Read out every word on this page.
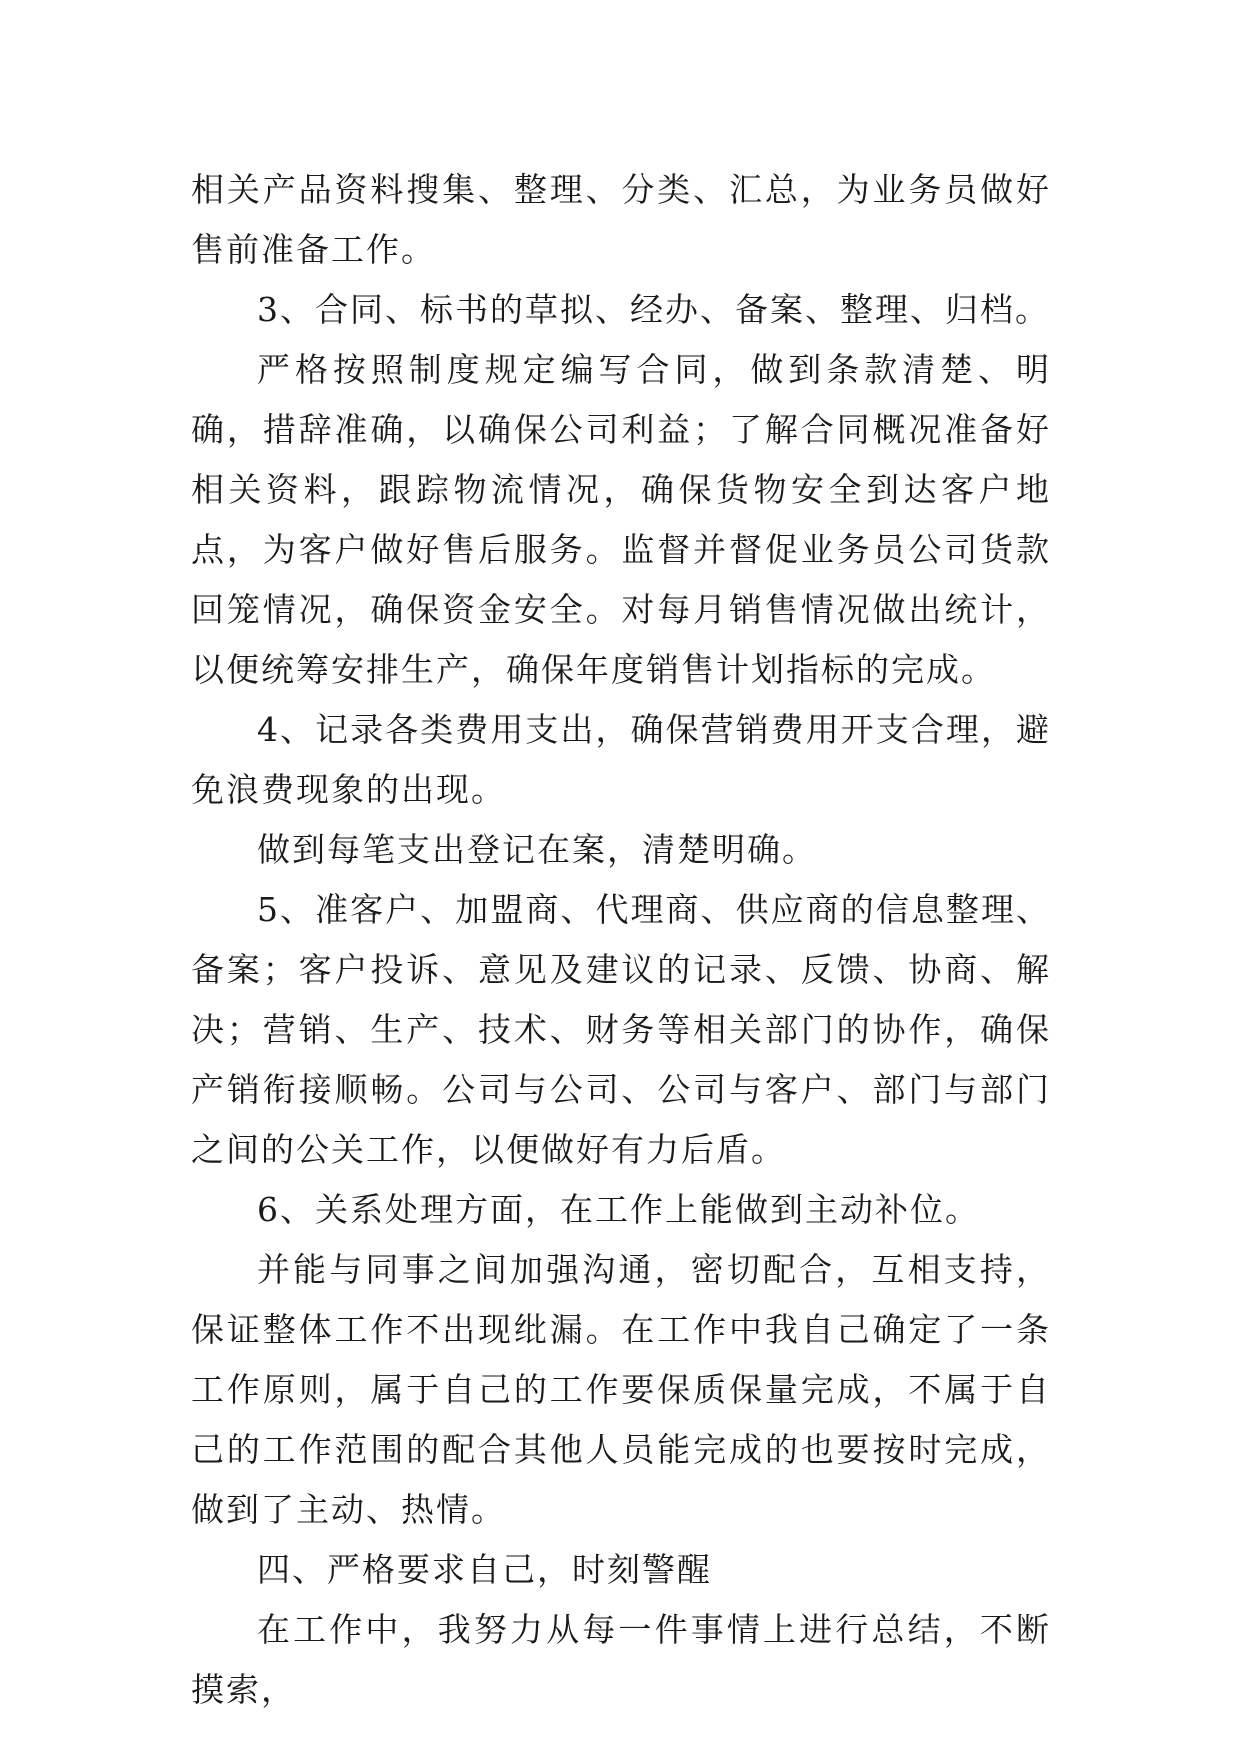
相关产品资料搜集、整理、分类、汇总，为业务员做好售前准备工作。

3、合同、标书的草拟、经办、备案、整理、归档。

严格按照制度规定编写合同，做到条款清楚、明确，措辞准确，以确保公司利益；了解合同概况准备好相关资料，跟踪物流情况，确保货物安全到达客户地点，为客户做好售后服务。监督并督促业务员公司货款回笼情况，确保资金安全。对每月销售情况做出统计，以便统筹安排生产，确保年度销售计划指标的完成。

4、记录各类费用支出，确保营销费用开支合理，避免浪费现象的出现。

做到每笔支出登记在案，清楚明确。

5、准客户、加盟商、代理商、供应商的信息整理、备案；客户投诉、意见及建议的记录、反馈、协商、解决；营销、生产、技术、财务等相关部门的协作，确保产销衔接顺畅。公司与公司、公司与客户、部门与部门之间的公关工作，以便做好有力后盾。

6、关系处理方面，在工作上能做到主动补位。

并能与同事之间加强沟通，密切配合，互相支持，保证整体工作不出现纰漏。在工作中我自己确定了一条工作原则，属于自己的工作要保质保量完成，不属于自己的工作范围的配合其他人员能完成的也要按时完成，做到了主动、热情。

四、严格要求自己，时刻警醒

在工作中，我努力从每一件事情上进行总结，不断摸索，
